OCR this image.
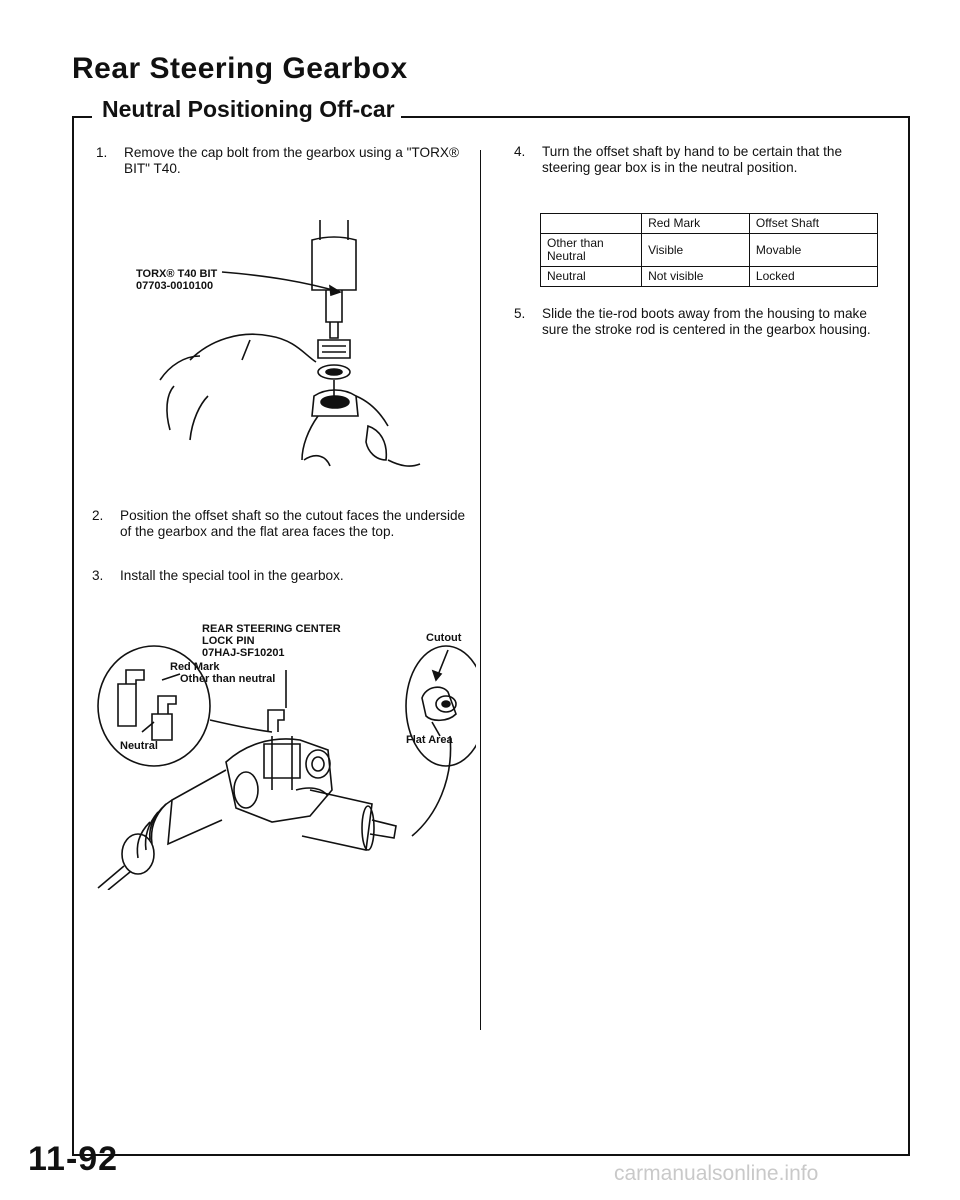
Rear Steering Gearbox
Neutral Positioning Off-car
1. Remove the cap bolt from the gearbox using a "TORX® BIT" T40.
TORX® T40 BIT
07703-0010100
2. Position the offset shaft so the cutout faces the underside of the gearbox and the flat area faces the top.
3. Install the special tool in the gearbox.
REAR STEERING CENTER
LOCK PIN
07HAJ-SF10201
Red Mark
Other than neutral
Neutral
Cutout
Flat Area
4. Turn the offset shaft by hand to be certain that the steering gear box is in the neutral position.
	Red Mark	Offset Shaft
Other than Neutral	Visible	Movable
Neutral	Not visible	Locked
5. Slide the tie-rod boots away from the housing to make sure the stroke rod is centered in the gearbox housing.
11-92	carmanualsonline.info
